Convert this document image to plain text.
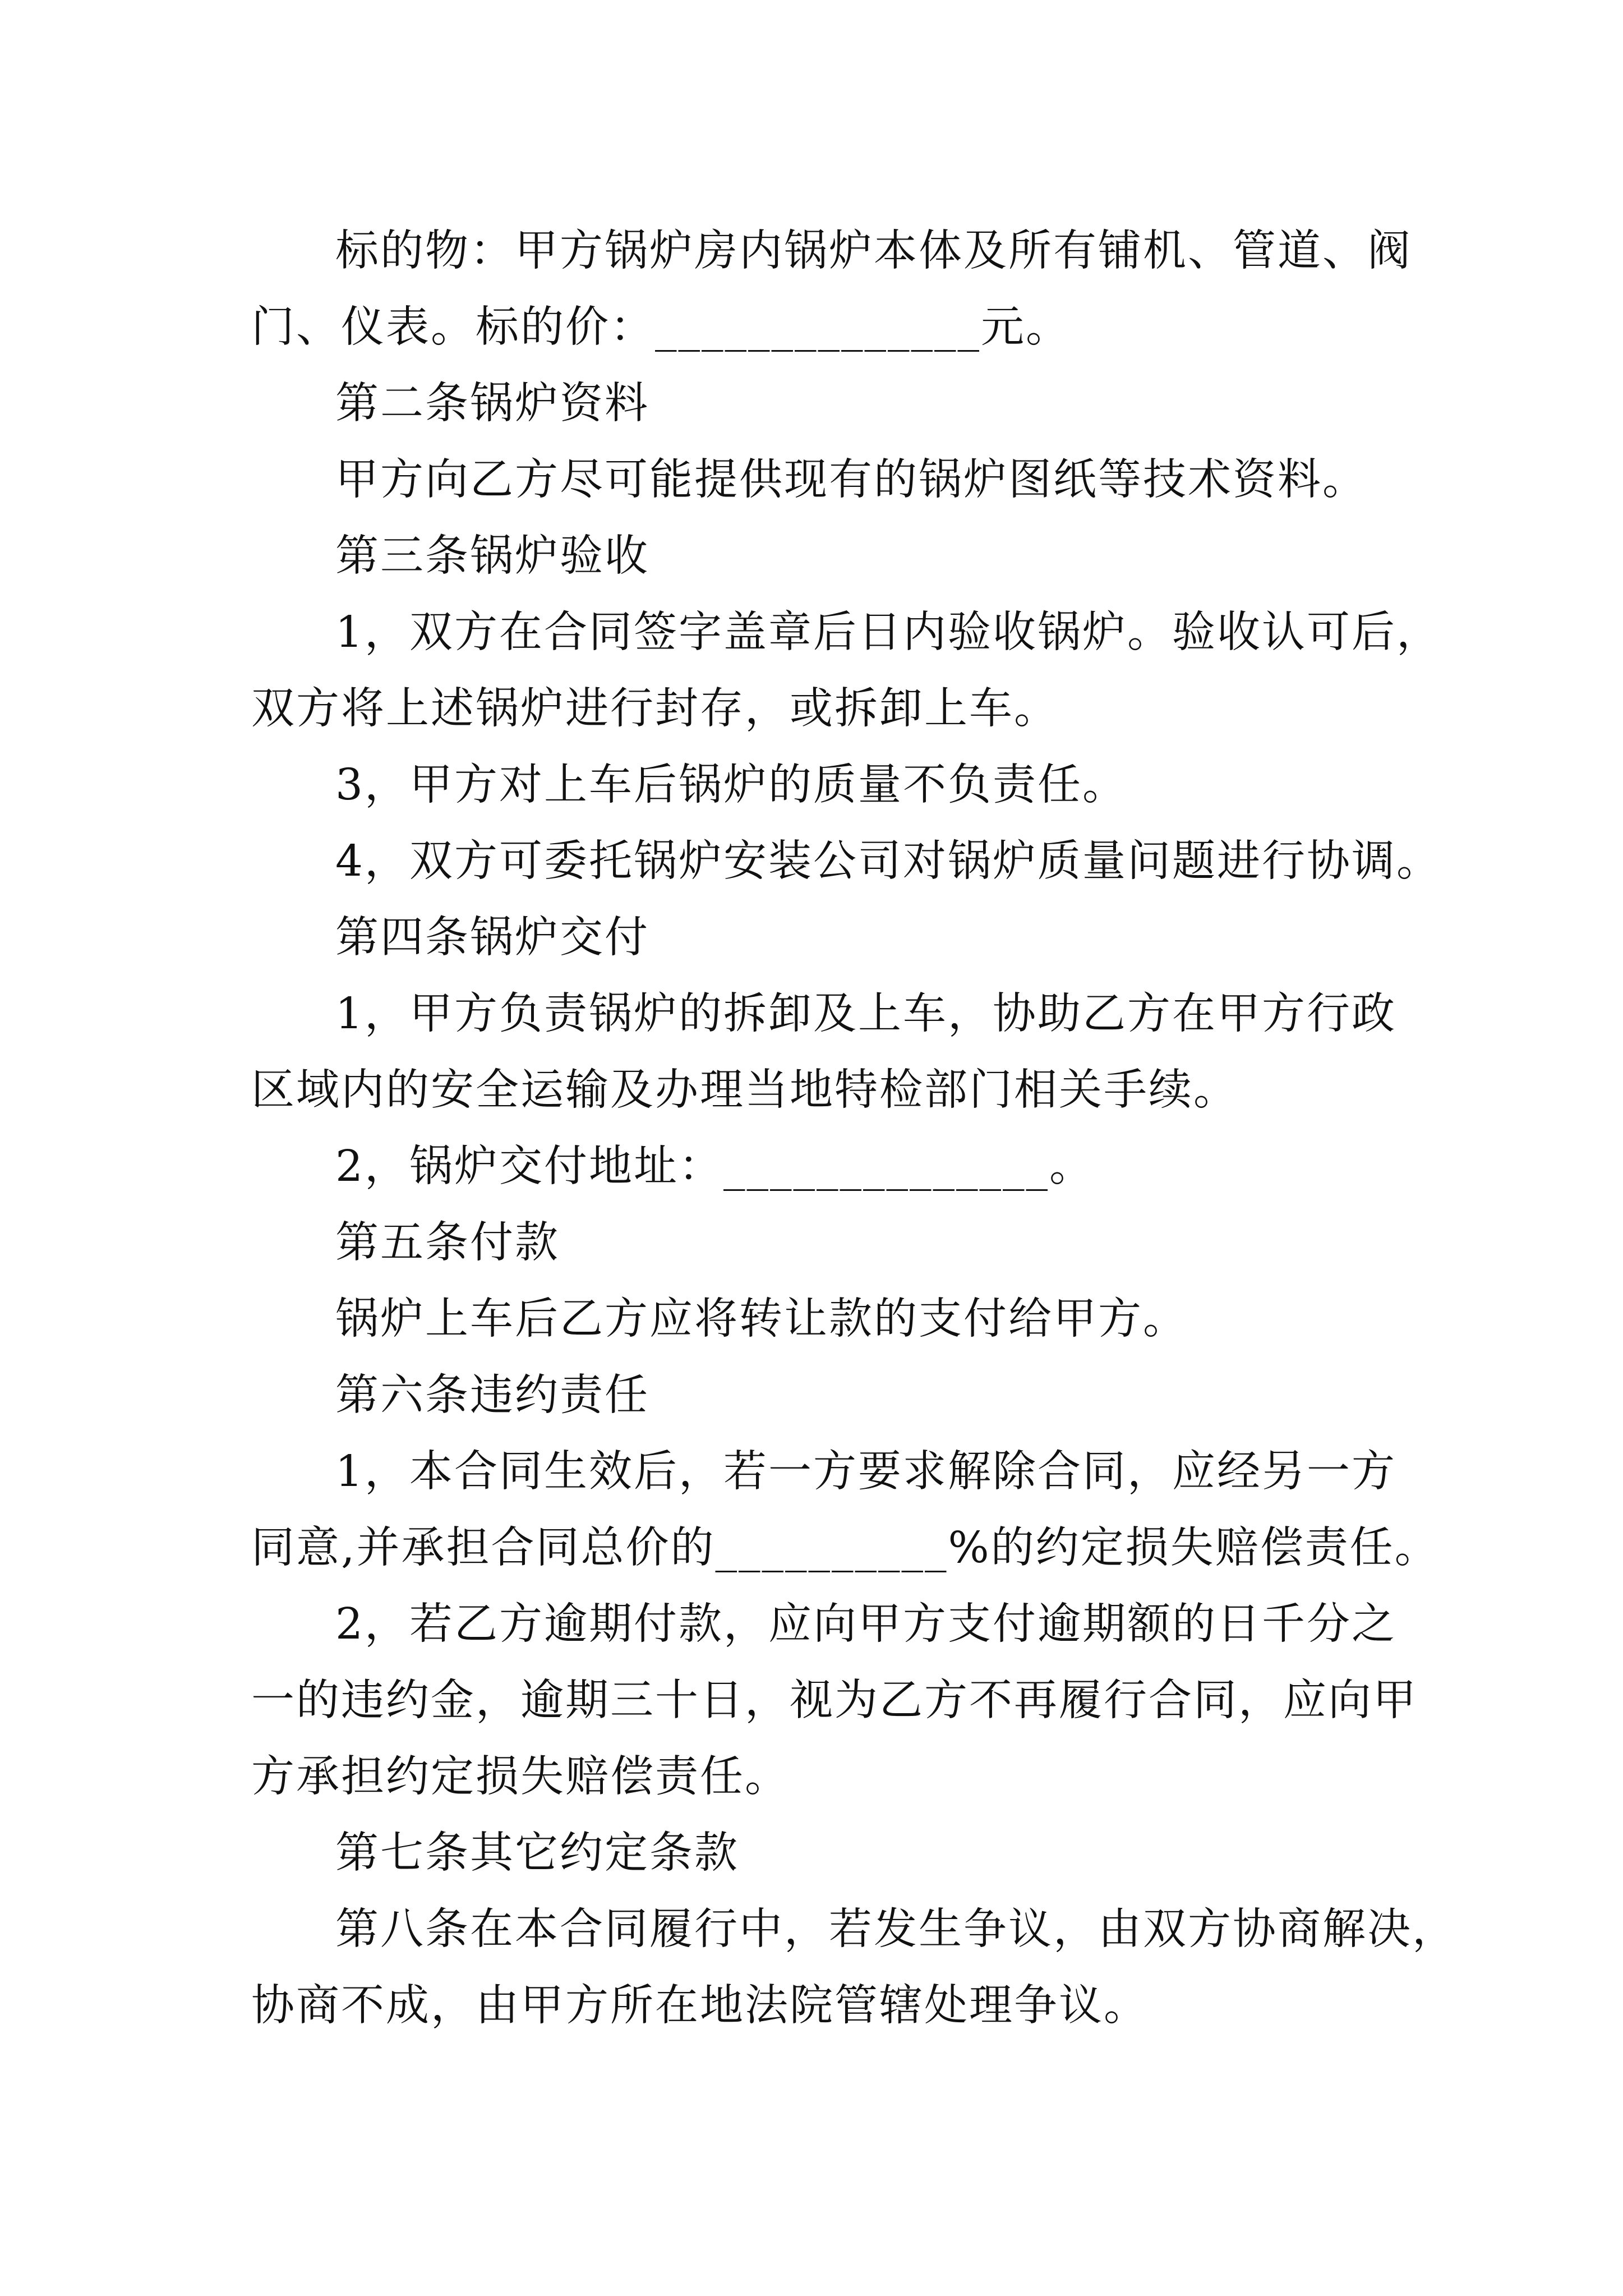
标的物：甲方锅炉房内锅炉本体及所有铺机、管道、阀
门、仪表。标的价：______________元。
第二条锅炉资料
甲方向乙方尽可能提供现有的锅炉图纸等技术资料。
第三条锅炉验收
1，双方在合同签字盖章后日内验收锅炉。验收认可后，
双方将上述锅炉进行封存，或拆卸上车。
3，甲方对上车后锅炉的质量不负责任。
4，双方可委托锅炉安装公司对锅炉质量问题进行协调。
第四条锅炉交付
1，甲方负责锅炉的拆卸及上车，协助乙方在甲方行政
区域内的安全运输及办理当地特检部门相关手续。
2，锅炉交付地址：______________。
第五条付款
锅炉上车后乙方应将转让款的支付给甲方。
第六条违约责任
1，本合同生效后，若一方要求解除合同，应经另一方
同意,并承担合同总价的__________%的约定损失赔偿责任。
2，若乙方逾期付款，应向甲方支付逾期额的日千分之
一的违约金，逾期三十日，视为乙方不再履行合同，应向甲
方承担约定损失赔偿责任。
第七条其它约定条款
第八条在本合同履行中，若发生争议，由双方协商解决，
协商不成，由甲方所在地法院管辖处理争议。
